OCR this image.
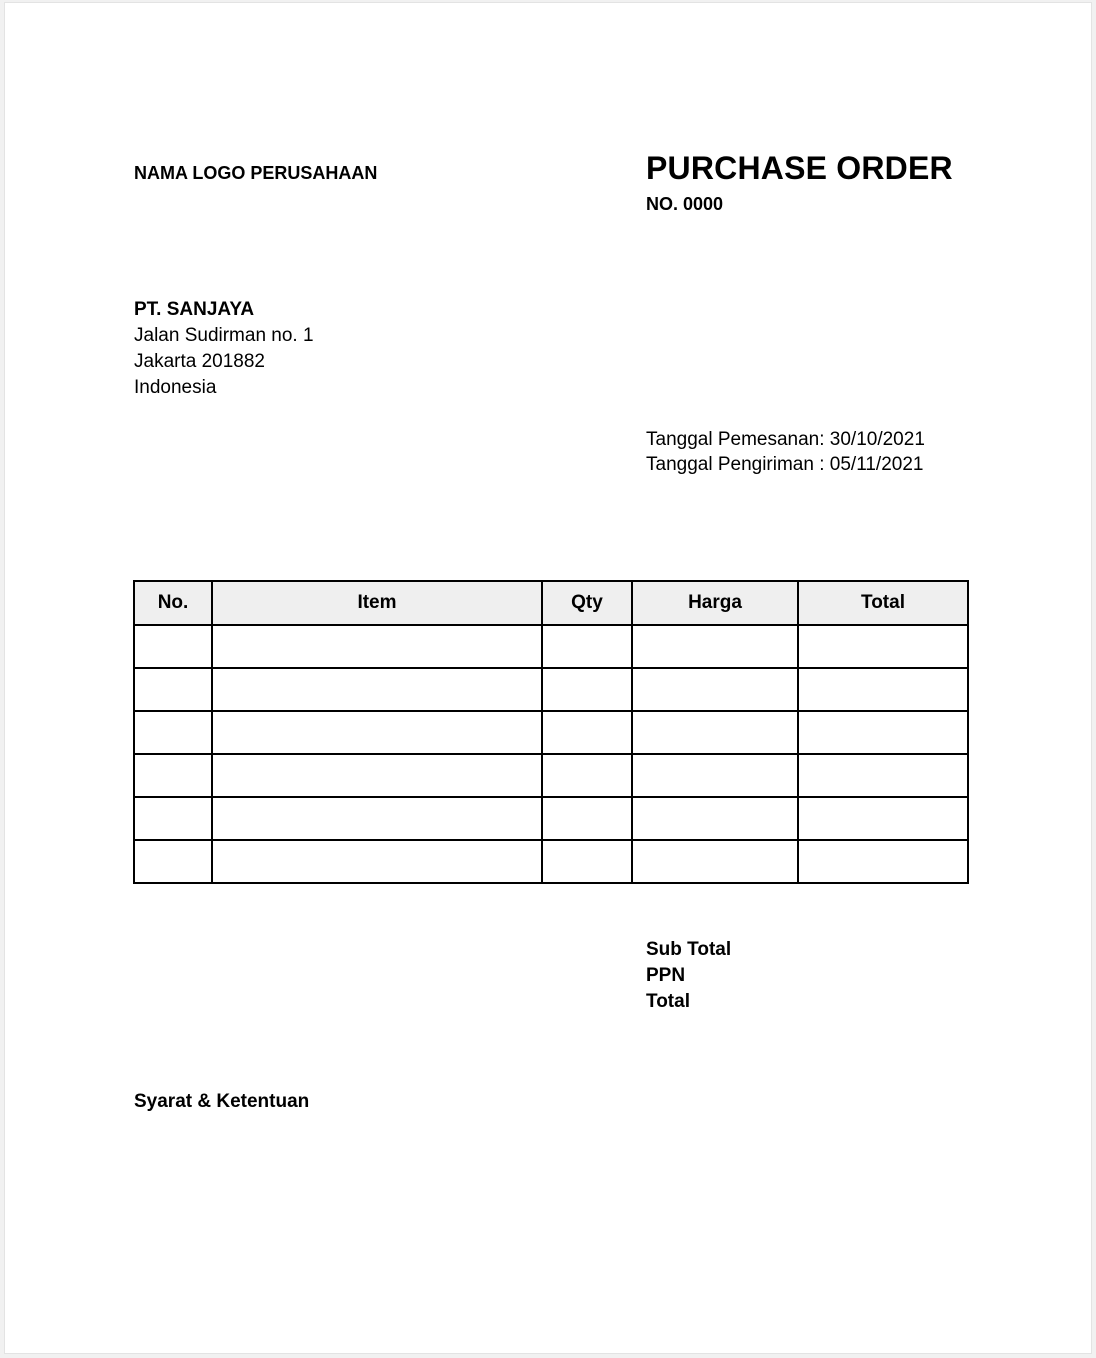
NAMA LOGO PERUSAHAAN	PURCHASE ORDER
NO. 0000
PT. SANJAYA
Jalan Sudirman no. 1
Jakarta 201882
Indonesia
Tanggal Pemesanan: 30/10/2021
Tanggal Pengiriman : 05/11/2021
No.	Item	Qty	Harga	Total

Sub Total
PPN
Total
Syarat & Ketentuan
